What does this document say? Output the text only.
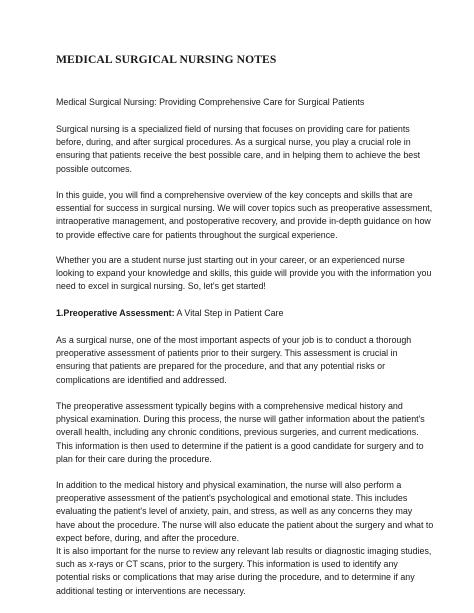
MEDICAL SURGICAL NURSING NOTES
Medical Surgical Nursing: Providing Comprehensive Care for Surgical Patients
Surgical nursing is a specialized field of nursing that focuses on providing care for patients
before, during, and after surgical procedures. As a surgical nurse, you play a crucial role in
ensuring that patients receive the best possible care, and in helping them to achieve the best
possible outcomes.
In this guide, you will find a comprehensive overview of the key concepts and skills that are
essential for success in surgical nursing. We will cover topics such as preoperative assessment,
intraoperative management, and postoperative recovery, and provide in-depth guidance on how
to provide effective care for patients throughout the surgical experience.
Whether you are a student nurse just starting out in your career, or an experienced nurse
looking to expand your knowledge and skills, this guide will provide you with the information you
need to excel in surgical nursing. So, let's get started!
1.Preoperative Assessment: A Vital Step in Patient Care
As a surgical nurse, one of the most important aspects of your job is to conduct a thorough
preoperative assessment of patients prior to their surgery. This assessment is crucial in
ensuring that patients are prepared for the procedure, and that any potential risks or
complications are identified and addressed.
The preoperative assessment typically begins with a comprehensive medical history and
physical examination. During this process, the nurse will gather information about the patient's
overall health, including any chronic conditions, previous surgeries, and current medications.
This information is then used to determine if the patient is a good candidate for surgery and to
plan for their care during the procedure.
In addition to the medical history and physical examination, the nurse will also perform a
preoperative assessment of the patient's psychological and emotional state. This includes
evaluating the patient's level of anxiety, pain, and stress, as well as any concerns they may
have about the procedure. The nurse will also educate the patient about the surgery and what to
expect before, during, and after the procedure.
It is also important for the nurse to review any relevant lab results or diagnostic imaging studies,
such as x-rays or CT scans, prior to the surgery. This information is used to identify any
potential risks or complications that may arise during the procedure, and to determine if any
additional testing or interventions are necessary.
